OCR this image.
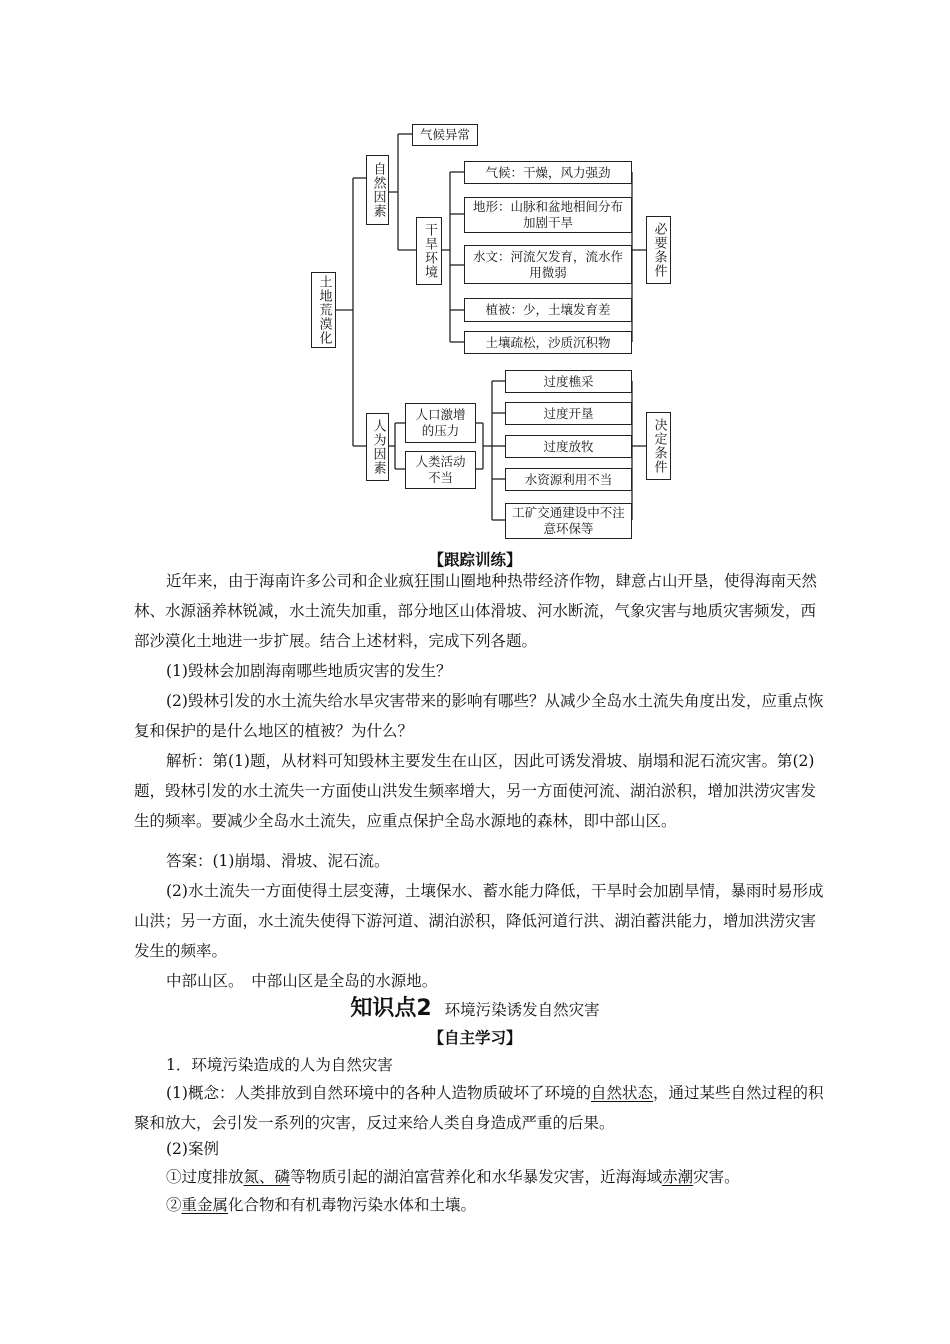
土地荒漠化
自然因素
人为因素
气候异常
干旱环境
气候：干燥，风力强劲
地形：山脉和盆地相间分布加剧干旱
水文：河流欠发育，流水作用微弱
植被：少，土壤发育差
土壤疏松，沙质沉积物
必要条件
人口激增的压力
人类活动不当
过度樵采
过度开垦
过度放牧
水资源利用不当
工矿交通建设中不注意环保等
决定条件
【跟踪训练】

近年来，由于海南许多公司和企业疯狂围山圈地种热带经济作物，肆意占山开垦，使得海南天然林、水源涵养林锐减，水土流失加重，部分地区山体滑坡、河水断流，气象灾害与地质灾害频发，西部沙漠化土地进一步扩展。结合上述材料，完成下列各题。

(1)毁林会加剧海南哪些地质灾害的发生？

(2)毁林引发的水土流失给水旱灾害带来的影响有哪些？从减少全岛水土流失角度出发，应重点恢复和保护的是什么地区的植被？为什么？

解析：第(1)题，从材料可知毁林主要发生在山区，因此可诱发滑坡、崩塌和泥石流灾害。第(2)题，毁林引发的水土流失一方面使山洪发生频率增大，另一方面使河流、湖泊淤积，增加洪涝灾害发生的频率。要减少全岛水土流失，应重点保护全岛水源地的森林，即中部山区。

答案：(1)崩塌、滑坡、泥石流。

(2)水土流失一方面使得土层变薄，土壤保水、蓄水能力降低，干旱时会加剧旱情，暴雨时易形成山洪；另一方面，水土流失使得下游河道、湖泊淤积，降低河道行洪、湖泊蓄洪能力，增加洪涝灾害发生的频率。

中部山区。　中部山区是全岛的水源地。

知识点2 环境污染诱发自然灾害
【自主学习】

1．环境污染造成的人为自然灾害

(1)概念：人类排放到自然环境中的各种人造物质破坏了环境的自然状态，通过某些自然过程的积聚和放大，会引发一系列的灾害，反过来给人类自身造成严重的后果。

(2)案例

①过度排放氮、磷等物质引起的湖泊富营养化和水华暴发灾害，近海海域赤潮灾害。

②重金属化合物和有机毒物污染水体和土壤。
